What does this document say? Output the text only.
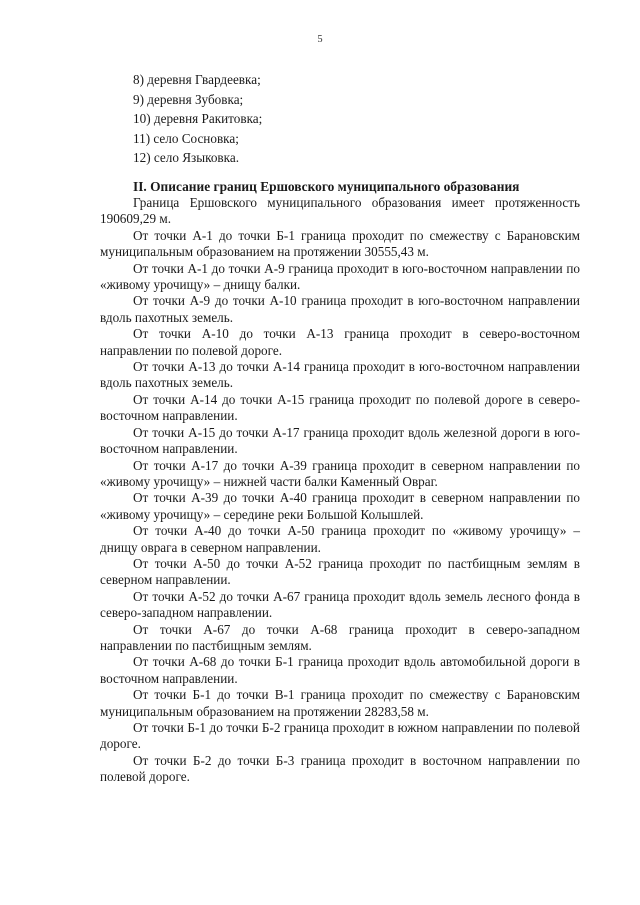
5
8) деревня Гвардеевка;
9) деревня Зубовка;
10) деревня Ракитовка;
11) село Сосновка;
12) село Языковка.
II. Описание границ Ершовского муниципального образования

Граница Ершовского муниципального образования имеет протяженность 190609,29 м.

От точки А-1 до точки Б-1 граница проходит по смежеству с Барановским муниципальным образованием на протяжении 30555,43 м.

От точки А-1 до точки А-9 граница проходит в юго-восточном направлении по «живому урочищу» – днищу балки.

От точки А-9 до точки А-10 граница проходит в юго-восточном направлении вдоль пахотных земель.

От точки А-10 до точки А-13 граница проходит в северо-восточном направлении по полевой дороге.

От точки А-13 до точки А-14 граница проходит в юго-восточном направлении вдоль пахотных земель.

От точки А-14 до точки А-15 граница проходит по полевой дороге в северо-восточном направлении.

От точки А-15 до точки А-17 граница проходит вдоль железной дороги в юго-восточном направлении.

От точки А-17 до точки А-39 граница проходит в северном направлении по «живому урочищу» – нижней части балки Каменный Овраг.

От точки А-39 до точки А-40 граница проходит в северном направлении по «живому урочищу» – середине реки Большой Колышлей.

От точки А-40 до точки А-50 граница проходит по «живому урочищу» – днищу оврага в северном направлении.

От точки А-50 до точки А-52 граница проходит по пастбищным землям в северном направлении.

От точки А-52 до точки А-67 граница проходит вдоль земель лесного фонда в северо-западном направлении.

От точки А-67 до точки А-68 граница проходит в северо-западном направлении по пастбищным землям.

От точки А-68 до точки Б-1 граница проходит вдоль автомобильной дороги в восточном направлении.

От точки Б-1 до точки В-1 граница проходит по смежеству с Барановским муниципальным образованием на протяжении 28283,58 м.

От точки Б-1 до точки Б-2 граница проходит в южном направлении по полевой дороге.

От точки Б-2 до точки Б-3 граница проходит в восточном направлении по полевой дороге.
